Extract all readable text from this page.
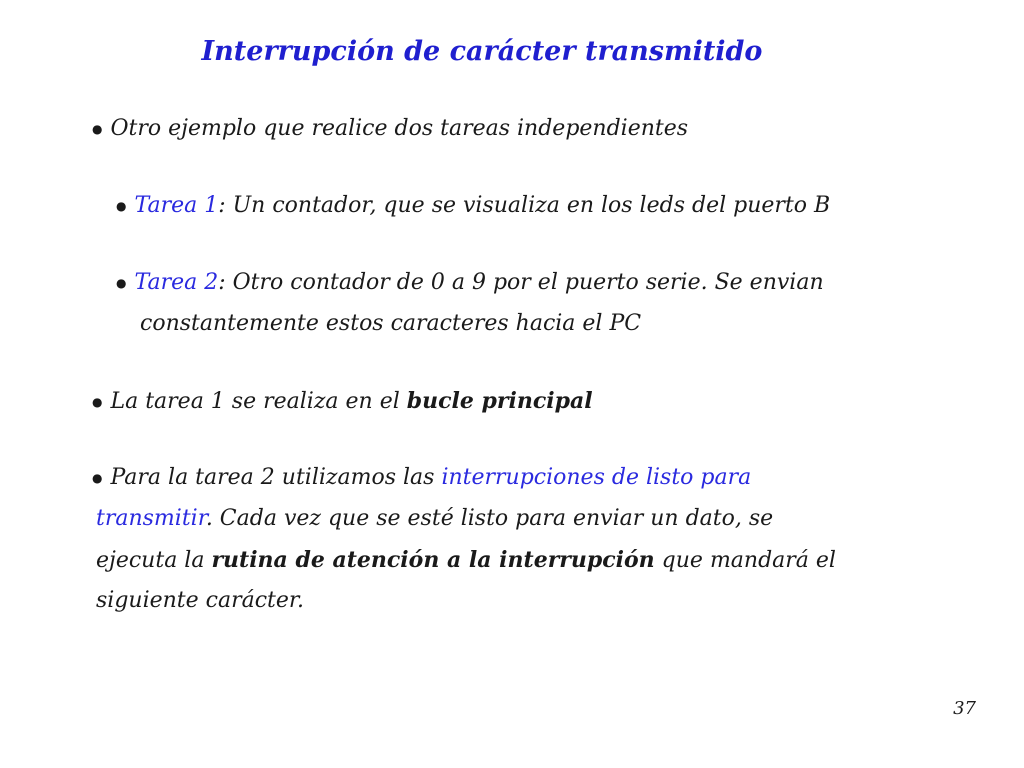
Interrupción de carácter transmitido
● Otro ejemplo que realice dos tareas independientes
● Tarea 1: Un contador, que se visualiza en los leds del puerto B
● Tarea 2: Otro contador de 0 a 9 por el puerto serie. Se envian
constantemente estos caracteres hacia el PC
● La tarea 1 se realiza en el bucle principal
● Para la tarea 2 utilizamos las interrupciones de listo para
transmitir. Cada vez que se esté listo para enviar un dato, se
ejecuta la rutina de atención a la interrupción que mandará el
siguiente carácter.
37
